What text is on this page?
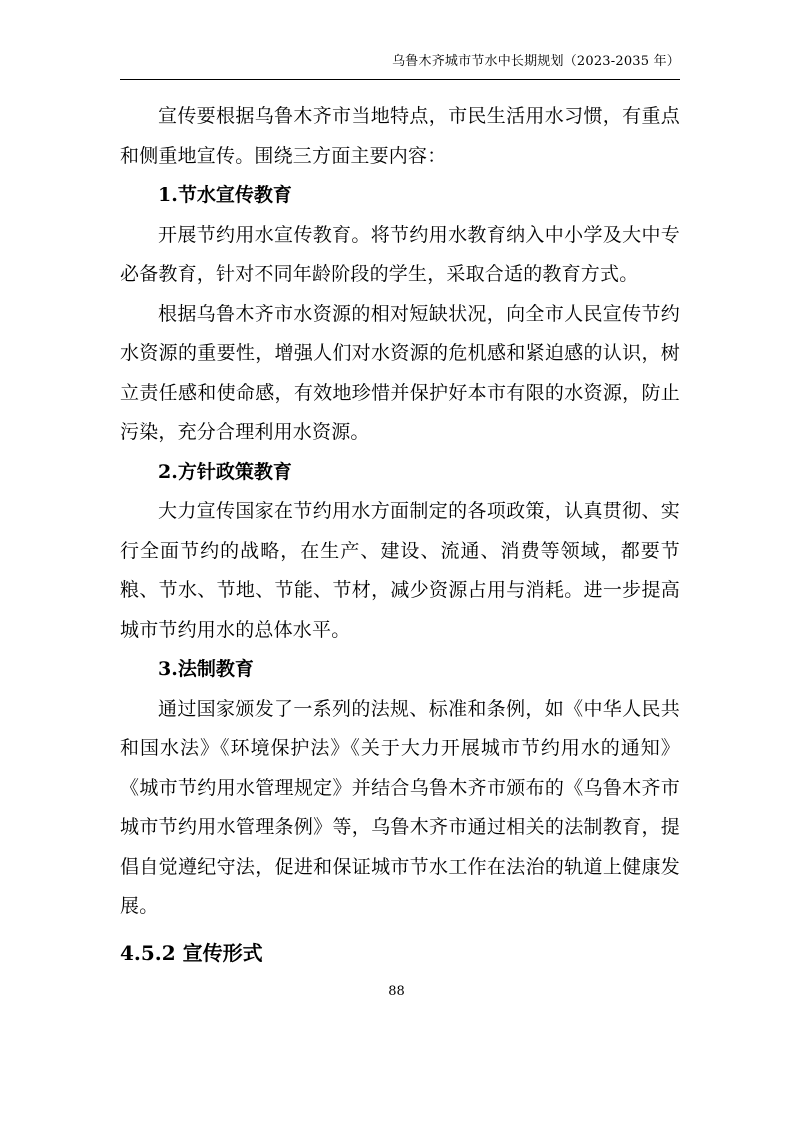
乌鲁木齐城市节水中长期规划（2023-2035 年）

宣传要根据乌鲁木齐市当地特点，市民生活用水习惯，有重点和侧重地宣传。围绕三方面主要内容：

1.节水宣传教育

开展节约用水宣传教育。将节约用水教育纳入中小学及大中专必备教育，针对不同年龄阶段的学生，采取合适的教育方式。

根据乌鲁木齐市水资源的相对短缺状况，向全市人民宣传节约水资源的重要性，增强人们对水资源的危机感和紧迫感的认识，树立责任感和使命感，有效地珍惜并保护好本市有限的水资源，防止污染，充分合理利用水资源。

2.方针政策教育

大力宣传国家在节约用水方面制定的各项政策，认真贯彻、实行全面节约的战略，在生产、建设、流通、消费等领域，都要节粮、节水、节地、节能、节材，减少资源占用与消耗。进一步提高城市节约用水的总体水平。

3.法制教育

通过国家颁发了一系列的法规、标准和条例，如《中华人民共和国水法》《环境保护法》《关于大力开展城市节约用水的通知》《城市节约用水管理规定》并结合乌鲁木齐市颁布的《乌鲁木齐市城市节约用水管理条例》等，乌鲁木齐市通过相关的法制教育，提倡自觉遵纪守法，促进和保证城市节水工作在法治的轨道上健康发展。

4.5.2 宣传形式

88
